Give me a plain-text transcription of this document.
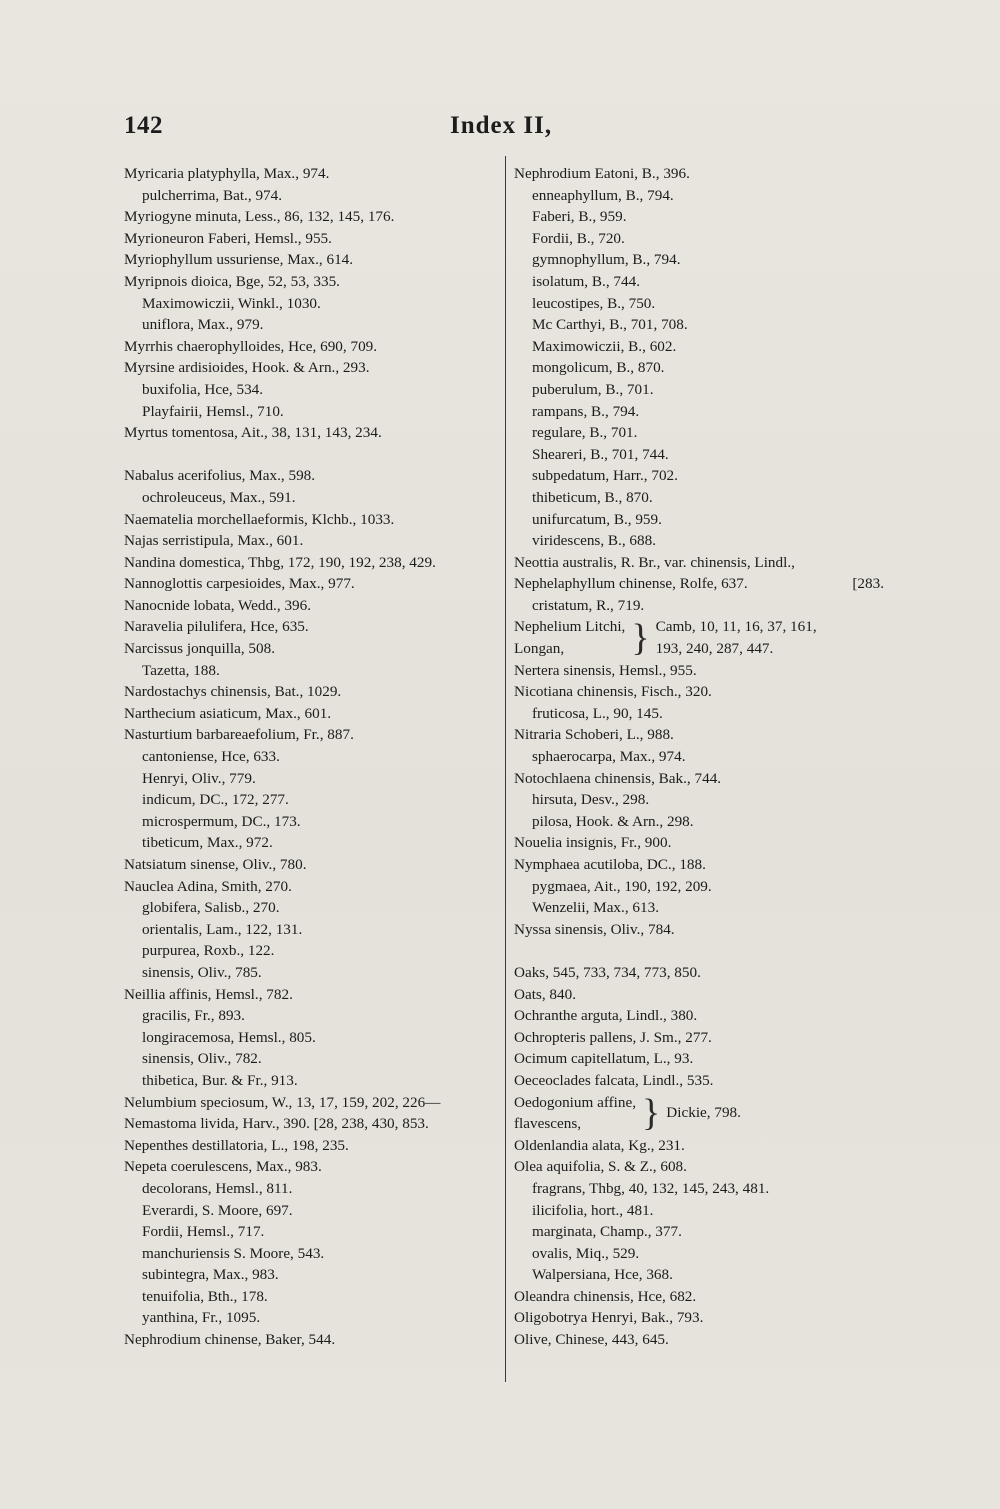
142	Index II,
Myricaria platyphylla, Max., 974.
pulcherrima, Bat., 974.
Myriogyne minuta, Less., 86, 132, 145, 176.
Myrioneuron Faberi, Hemsl., 955.
Myriophyllum ussuriense, Max., 614.
Myripnois dioica, Bge, 52, 53, 335.
Maximowiczii, Winkl., 1030.
uniflora, Max., 979.
Myrrhis chaerophylloides, Hce, 690, 709.
Myrsine ardisioides, Hook. & Arn., 293.
buxifolia, Hce, 534.
Playfairii, Hemsl., 710.
Myrtus tomentosa, Ait., 38, 131, 143, 234.
Nabalus acerifolius, Max., 598.
ochroleuceus, Max., 591.
Naematelia morchellaeformis, Klchb., 1033.
Najas serristipula, Max., 601.
Nandina domestica, Thbg, 172, 190, 192, 238, 429.
Nannoglottis carpesioides, Max., 977.
Nanocnide lobata, Wedd., 396.
Naravelia pilulifera, Hce, 635.
Narcissus jonquilla, 508.
Tazetta, 188.
Nardostachys chinensis, Bat., 1029.
Narthecium asiaticum, Max., 601.
Nasturtium barbareaefolium, Fr., 887.
cantoniense, Hce, 633.
Henryi, Oliv., 779.
indicum, DC., 172, 277.
microspermum, DC., 173.
tibeticum, Max., 972.
Natsiatum sinense, Oliv., 780.
Nauclea Adina, Smith, 270.
globifera, Salisb., 270.
orientalis, Lam., 122, 131.
purpurea, Roxb., 122.
sinensis, Oliv., 785.
Neillia affinis, Hemsl., 782.
gracilis, Fr., 893.
longiracemosa, Hemsl., 805.
sinensis, Oliv., 782.
thibetica, Bur. & Fr., 913.
Nelumbium speciosum, W., 13, 17, 159, 202, 226—
Nemastoma livida, Harv., 390. [28, 238, 430, 853.
Nepenthes destillatoria, L., 198, 235.
Nepeta coerulescens, Max., 983.
decolorans, Hemsl., 811.
Everardi, S. Moore, 697.
Fordii, Hemsl., 717.
manchuriensis S. Moore, 543.
subintegra, Max., 983.
tenuifolia, Bth., 178.
yanthina, Fr., 1095.
Nephrodium chinense, Baker, 544.
Nephrodium Eatoni, B., 396.
enneaphyllum, B., 794.
Faberi, B., 959.
Fordii, B., 720.
gymnophyllum, B., 794.
isolatum, B., 744.
leucostipes, B., 750.
Mc Carthyi, B., 701, 708.
Maximowiczii, B., 602.
mongolicum, B., 870.
puberulum, B., 701.
rampans, B., 794.
regulare, B., 701.
Sheareri, B., 701, 744.
subpedatum, Harr., 702.
thibeticum, B., 870.
unifurcatum, B., 959.
viridescens, B., 688.
Neottia australis, R. Br., var. chinensis, Lindl.,
Nephelaphyllum chinense, Rolfe, 637.	[283.
cristatum, R., 719.
Nephelium Litchi,
Longan,	} Camb, 10, 11, 16, 37, 161,
193, 240, 287, 447.
Nertera sinensis, Hemsl., 955.
Nicotiana chinensis, Fisch., 320.
fruticosa, L., 90, 145.
Nitraria Schoberi, L., 988.
sphaerocarpa, Max., 974.
Notochlaena chinensis, Bak., 744.
hirsuta, Desv., 298.
pilosa, Hook. & Arn., 298.
Nouelia insignis, Fr., 900.
Nymphaea acutiloba, DC., 188.
pygmaea, Ait., 190, 192, 209.
Wenzelii, Max., 613.
Nyssa sinensis, Oliv., 784.
Oaks, 545, 733, 734, 773, 850.
Oats, 840.
Ochranthe arguta, Lindl., 380.
Ochropteris pallens, J. Sm., 277.
Ocimum capitellatum, L., 93.
Oeceoclades falcata, Lindl., 535.
Oedogonium affine,
flavescens,	} Dickie, 798.
Oldenlandia alata, Kg., 231.
Olea aquifolia, S. & Z., 608.
fragrans, Thbg, 40, 132, 145, 243, 481.
ilicifolia, hort., 481.
marginata, Champ., 377.
ovalis, Miq., 529.
Walpersiana, Hce, 368.
Oleandra chinensis, Hce, 682.
Oligobotrya Henryi, Bak., 793.
Olive, Chinese, 443, 645.
